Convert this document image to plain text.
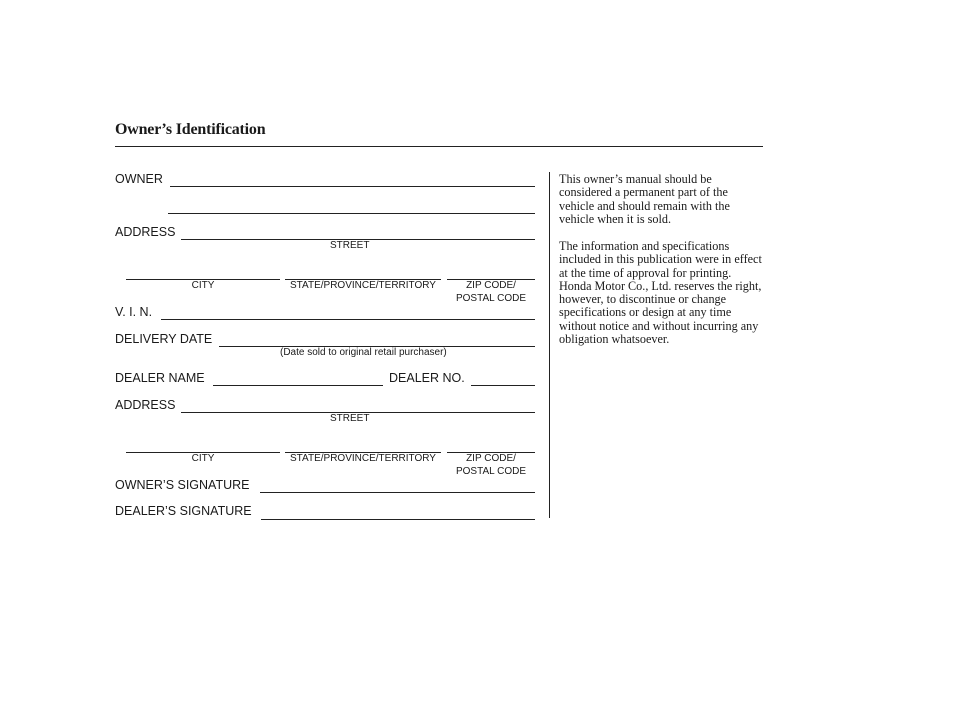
Owner’s Identification
OWNER
ADDRESS
STREET
CITY	STATE/PROVINCE/TERRITORY	ZIP CODE/
POSTAL CODE
V. I. N.
DELIVERY DATE
(Date sold to original retail purchaser)
DEALER NAME	DEALER NO.
ADDRESS
STREET
CITY	STATE/PROVINCE/TERRITORY	ZIP CODE/
POSTAL CODE
OWNER’S SIGNATURE
DEALER’S SIGNATURE

This owner’s manual should be considered a permanent part of the vehicle and should remain with the vehicle when it is sold.

The information and specifications included in this publication were in effect at the time of approval for printing. Honda Motor Co., Ltd. reserves the right, however, to discontinue or change specifications or design at any time without notice and without incurring any obligation whatsoever.
